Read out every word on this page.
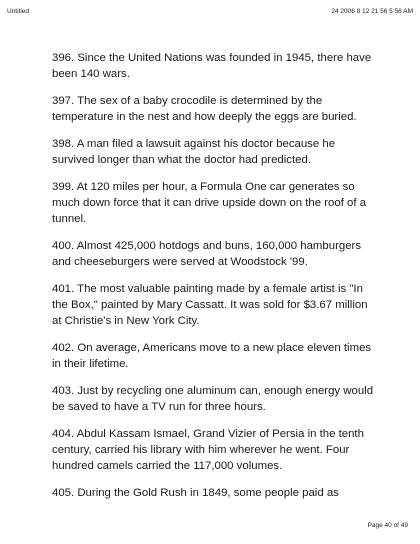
Untitled	24 2006 8 12 21 56 5:56 AM

396. Since the United Nations was founded in 1945, there have been 140 wars.

397. The sex of a baby crocodile is determined by the temperature in the nest and how deeply the eggs are buried.

398. A man filed a lawsuit against his doctor because he survived longer than what the doctor had predicted.

399. At 120 miles per hour, a Formula One car generates so much down force that it can drive upside down on the roof of a tunnel.

400. Almost 425,000 hotdogs and buns, 160,000 hamburgers and cheeseburgers were served at Woodstock '99.

401. The most valuable painting made by a female artist is "In the Box," painted by Mary Cassatt. It was sold for $3.67 million at Christie's in New York City.

402. On average, Americans move to a new place eleven times in their lifetime.

403. Just by recycling one aluminum can, enough energy would be saved to have a TV run for three hours.

404. Abdul Kassam Ismael, Grand Vizier of Persia in the tenth century, carried his library with him wherever he went. Four hundred camels carried the 117,000 volumes.

405. During the Gold Rush in 1849, some people paid as

Page 40 of 49
